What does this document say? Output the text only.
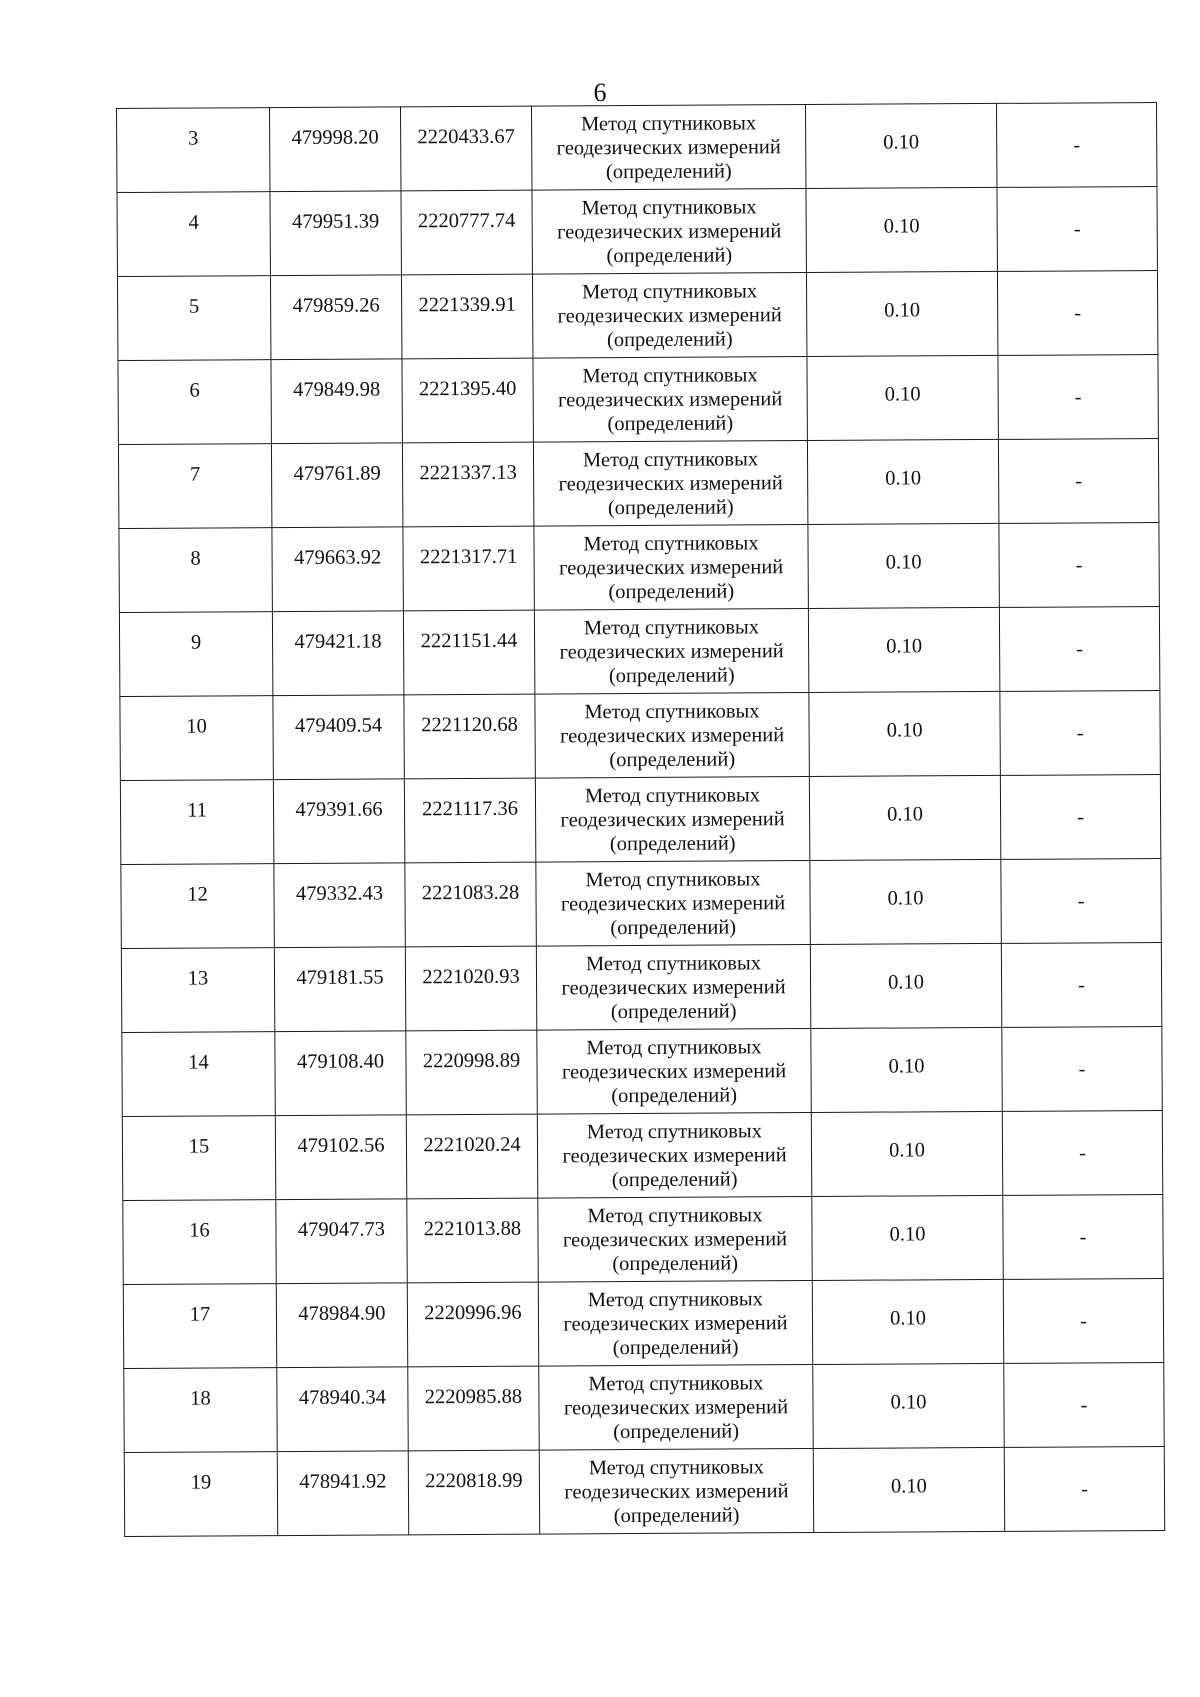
6
3	479998.20	2220433.67	Метод спутниковых
геодезических измерений
(определений)	0.10	-
4	479951.39	2220777.74	Метод спутниковых
геодезических измерений
(определений)	0.10	-
5	479859.26	2221339.91	Метод спутниковых
геодезических измерений
(определений)	0.10	-
6	479849.98	2221395.40	Метод спутниковых
геодезических измерений
(определений)	0.10	-
7	479761.89	2221337.13	Метод спутниковых
геодезических измерений
(определений)	0.10	-
8	479663.92	2221317.71	Метод спутниковых
геодезических измерений
(определений)	0.10	-
9	479421.18	2221151.44	Метод спутниковых
геодезических измерений
(определений)	0.10	-
10	479409.54	2221120.68	Метод спутниковых
геодезических измерений
(определений)	0.10	-
11	479391.66	2221117.36	Метод спутниковых
геодезических измерений
(определений)	0.10	-
12	479332.43	2221083.28	Метод спутниковых
геодезических измерений
(определений)	0.10	-
13	479181.55	2221020.93	Метод спутниковых
геодезических измерений
(определений)	0.10	-
14	479108.40	2220998.89	Метод спутниковых
геодезических измерений
(определений)	0.10	-
15	479102.56	2221020.24	Метод спутниковых
геодезических измерений
(определений)	0.10	-
16	479047.73	2221013.88	Метод спутниковых
геодезических измерений
(определений)	0.10	-
17	478984.90	2220996.96	Метод спутниковых
геодезических измерений
(определений)	0.10	-
18	478940.34	2220985.88	Метод спутниковых
геодезических измерений
(определений)	0.10	-
19	478941.92	2220818.99	Метод спутниковых
геодезических измерений
(определений)	0.10	-
